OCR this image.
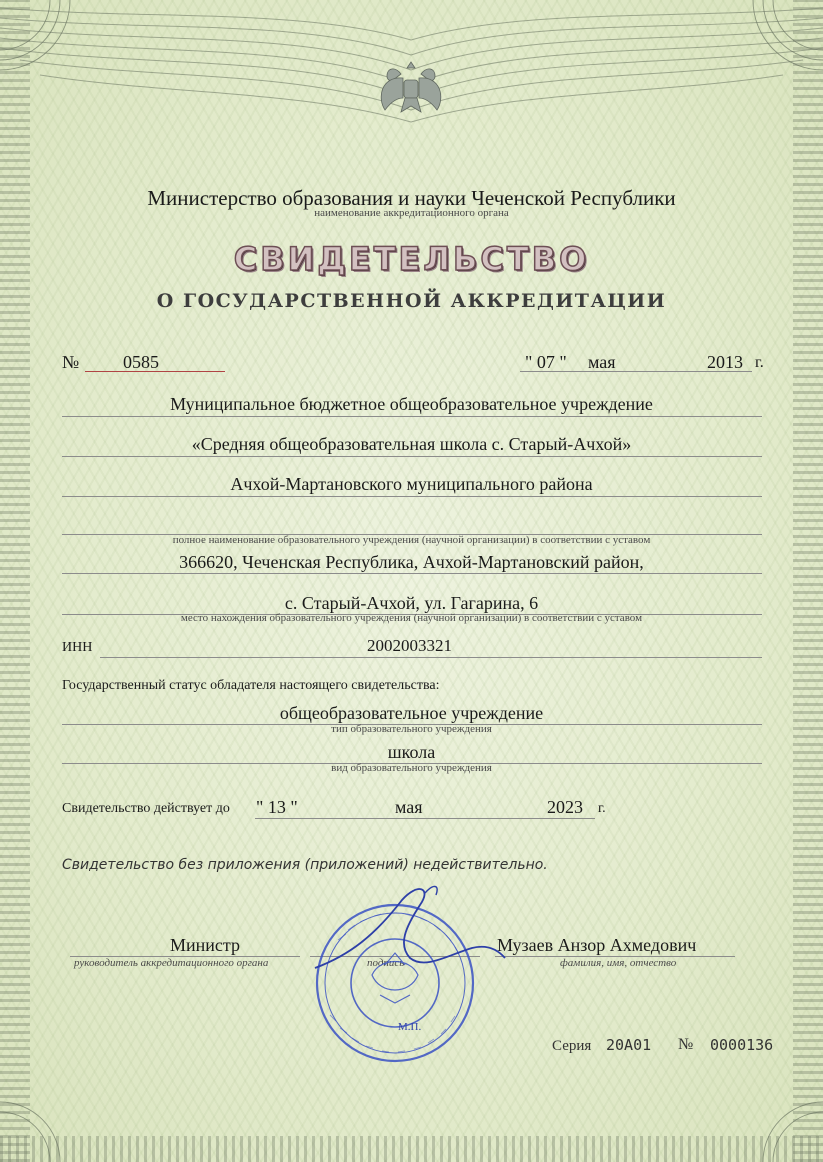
Министерство образования и науки Чеченской Республики
наименование аккредитационного органа
СВИДЕТЕЛЬСТВО
О ГОСУДАРСТВЕННОЙ АККРЕДИТАЦИИ
№ 0585	" 07 " мая	2013 г.
Муниципальное бюджетное общеобразовательное учреждение
«Средняя общеобразовательная школа с. Старый-Ачхой»
Ачхой-Мартановского муниципального района
полное наименование образовательного учреждения (научной организации) в соответствии с уставом
366620, Чеченская Республика, Ачхой-Мартановский район,
с. Старый-Ачхой, ул. Гагарина, 6
место нахождения образовательного учреждения (научной организации) в соответствии с уставом
ИНН	2002003321
Государственный статус обладателя настоящего свидетельства:
общеобразовательное учреждение
тип образовательного учреждения
школа
вид образовательного учреждения
Свидетельство действует до " 13 "	мая	2023 г.
Свидетельство без приложения (приложений) недействительно.
Министр
руководитель аккредитационного органа	подпись
Музаев Анзор Ахмедович
фамилия, имя, отчество
М.П.
Серия 20А01 № 0000136
